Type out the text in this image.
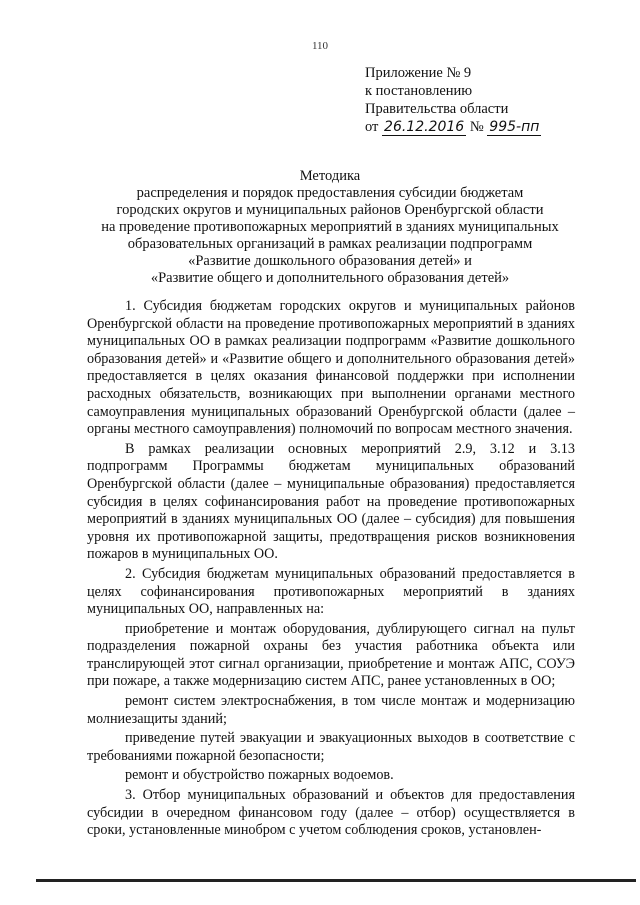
110
Приложение № 9
к постановлению
Правительства области
от 26.12.2016 № 995-пп
Методика
распределения и порядок предоставления субсидии бюджетам
городских округов и муниципальных районов Оренбургской области
на проведение противопожарных мероприятий в зданиях муниципальных
образовательных организаций в рамках реализации подпрограмм
«Развитие дошкольного образования детей» и
«Развитие общего и дополнительного образования детей»

1. Субсидия бюджетам городских округов и муниципальных районов Оренбургской области на проведение противопожарных мероприятий в зданиях муниципальных ОО в рамках реализации подпрограмм «Развитие дошкольного образования детей» и «Развитие общего и дополнительного образования детей» предоставляется в целях оказания финансовой поддержки при исполнении расходных обязательств, возникающих при выполнении органами местного самоуправления муниципальных образований Оренбургской области (далее – органы местного самоуправления) полномочий по вопросам местного значения.

В рамках реализации основных мероприятий 2.9, 3.12 и 3.13 подпрограмм Программы бюджетам муниципальных образований Оренбургской области (далее – муниципальные образования) предоставляется субсидия в целях софинансирования работ на проведение противопожарных мероприятий в зданиях муниципальных ОО (далее – субсидия) для повышения уровня их противопожарной защиты, предотвращения рисков возникновения пожаров в муниципальных ОО.

2. Субсидия бюджетам муниципальных образований предоставляется в целях софинансирования противопожарных мероприятий в зданиях муниципальных ОО, направленных на:

приобретение и монтаж оборудования, дублирующего сигнал на пульт подразделения пожарной охраны без участия работника объекта или транслирующей этот сигнал организации, приобретение и монтаж АПС, СОУЭ при пожаре, а также модернизацию систем АПС, ранее установленных в ОО;

ремонт систем электроснабжения, в том числе монтаж и модернизацию молниезащиты зданий;

приведение путей эвакуации и эвакуационных выходов в соответствие с требованиями пожарной безопасности;

ремонт и обустройство пожарных водоемов.

3. Отбор муниципальных образований и объектов для предоставления субсидии в очередном финансовом году (далее – отбор) осуществляется в сроки, установленные минобром с учетом соблюдения сроков, установлен-
